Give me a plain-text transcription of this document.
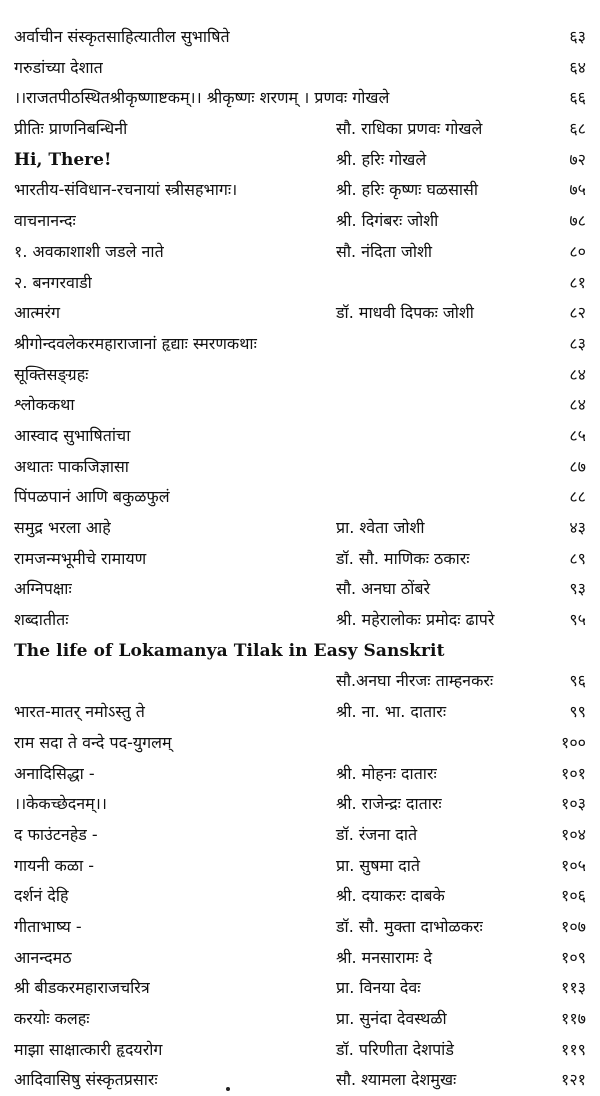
अर्वाचीन संस्कृतसाहित्यातील सुभाषिते	६३
गरुडांच्या देशात	६४
।।राजतपीठस्थितश्रीकृष्णाष्टकम्।। श्रीकृष्णः शरणम् । प्रणवः गोखले	६६
प्रीतिः प्राणनिबन्धिनी	सौ. राधिका प्रणवः गोखले	६८
Hi, There!	श्री. हरिः गोखले	७२
भारतीय-संविधान-रचनायां स्त्रीसहभागः।	श्री. हरिः कृष्णः घळसासी	७५
वाचनानन्दः	श्री. दिगंबरः जोशी	७८
१. अवकाशाशी जडले नाते	सौ. नंदिता जोशी	८०
२. बनगरवाडी	८१
आत्मरंग	डॉ. माधवी दिपकः जोशी	८२
श्रीगोन्दवलेकरमहाराजानां हृद्याः स्मरणकथाः	८३
सूक्तिसङ्ग्रहः	८४
श्लोककथा	८४
आस्वाद सुभाषितांचा	८५
अथातः पाकजिज्ञासा	८७
पिंपळपानं आणि बकुळफुलं	८८
समुद्र भरला आहे	प्रा. श्वेता जोशी	४३
रामजन्मभूमीचे रामायण	डॉ. सौ. माणिकः ठकारः	८९
अग्निपक्षाः	सौ. अनघा ठोंबरे	९३
शब्दातीतः	श्री. महेरालोकः प्रमोदः ढापरे	९५
The life of Lokamanya Tilak in Easy Sanskrit
सौ.अनघा नीरजः ताम्हनकरः	९६
भारत-मातर् नमोऽस्तु ते	श्री. ना. भा. दातारः	९९
राम सदा ते वन्दे पद-युगलम्	१००
अनादिसिद्धा -	श्री. मोहनः दातारः	१०१
।।केकच्छेदनम्।।	श्री. राजेन्द्रः दातारः	१०३
द फाउंटनहेड -	डॉ. रंजना दाते	१०४
गायनी कळा -	प्रा. सुषमा दाते	१०५
दर्शनं देहि	श्री. दयाकरः दाबके	१०६
गीताभाष्य -	डॉ. सौ. मुक्ता दाभोळकरः	१०७
आनन्दमठ	श्री. मनसारामः दे	१०९
श्री बीडकरमहाराजचरित्र	प्रा. विनया देवः	११३
करयोः कलहः	प्रा. सुनंदा देवस्थळी	११७
माझा साक्षात्कारी हृदयरोग	डॉ. परिणीता देशपांडे	११९
आदिवासिषु संस्कृतप्रसारः	सौ. श्यामला देशमुखः	१२१
